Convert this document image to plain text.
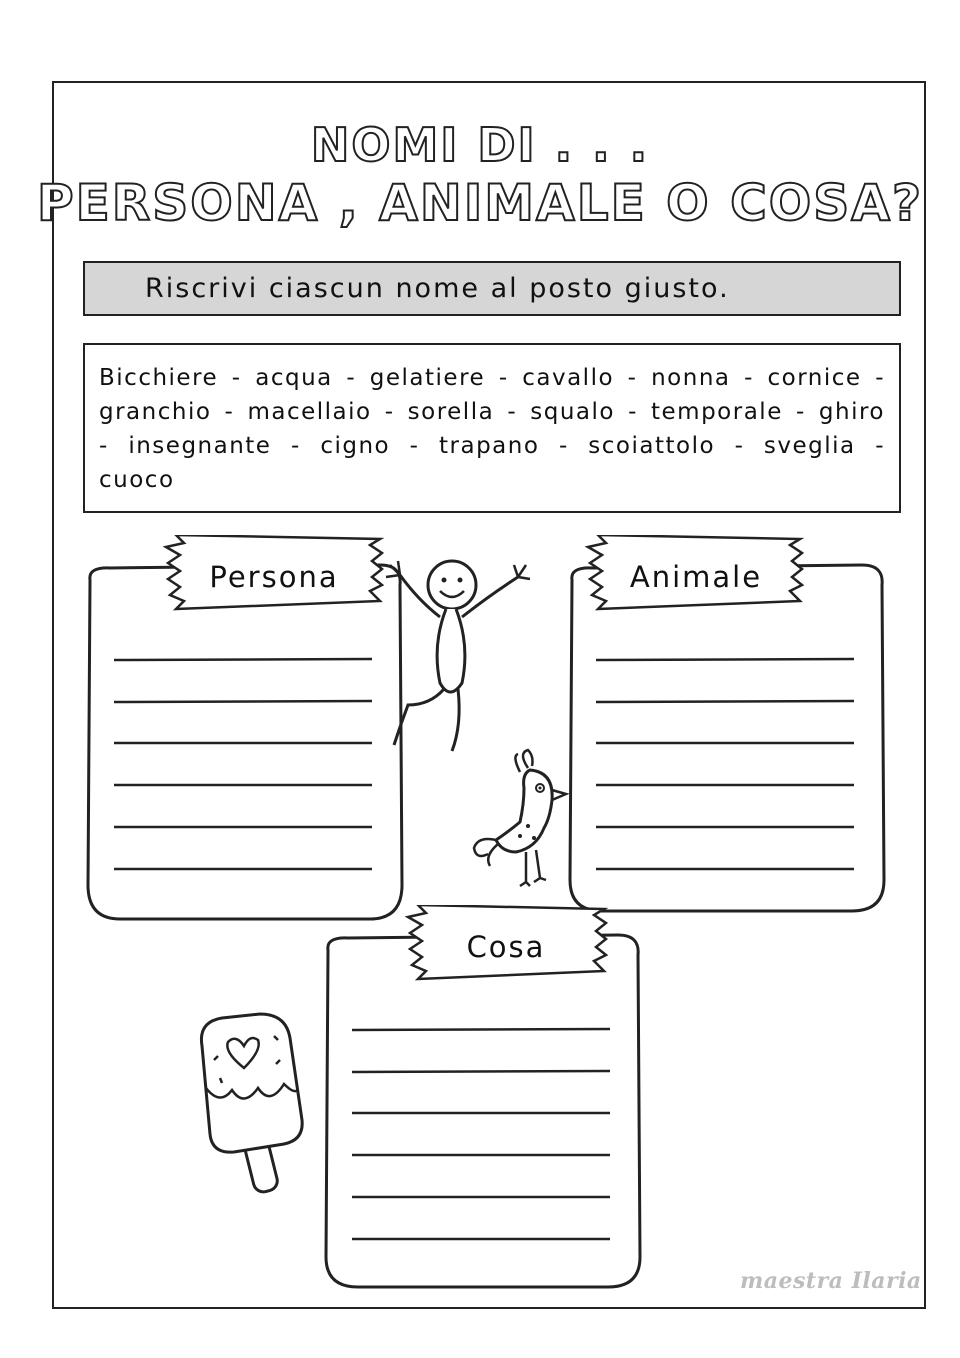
NOMI DI . . .
PERSONA , ANIMALE O COSA?
Riscrivi ciascun nome al posto giusto.
Bicchiere - acqua - gelatiere - cavallo - nonna - cornice - granchio - macellaio - sorella - squalo - temporale - ghiro - insegnante - cigno - trapano - scoiattolo - sveglia - cuoco
Persona	Animale
Cosa
maestra Ilaria
